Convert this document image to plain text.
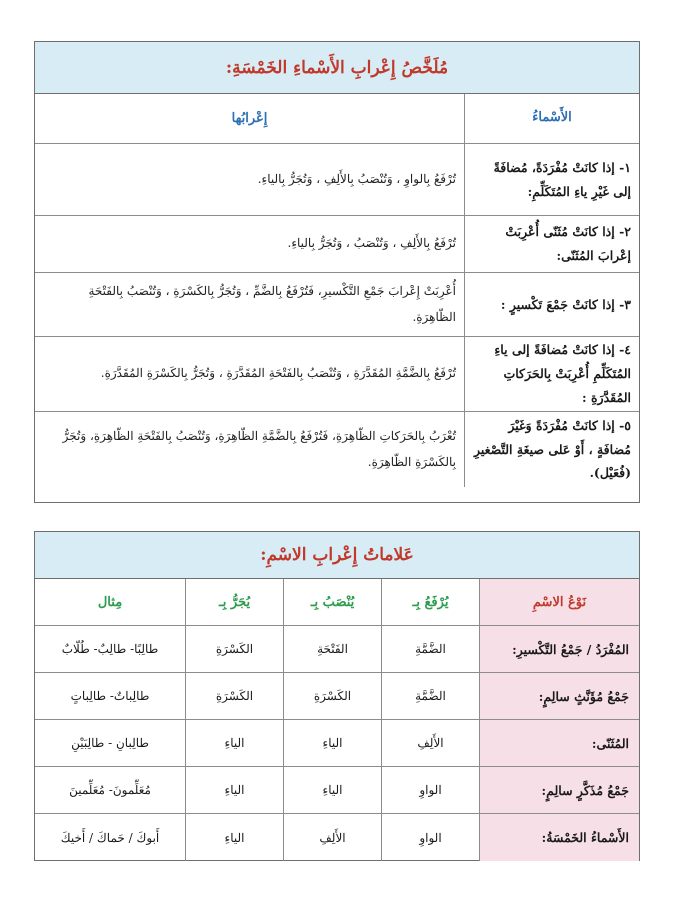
مُلَخَّصُ إِعْرابِ الأَسْماءِ الخَمْسَةِ:
الأَسْماءُ
إِعْرابُها
١- إذا كانَتْ مُفْرَدَةً، مُضافَةً إلى غَيْرِ ياءِ المُتَكَلِّمِ:
تُرْفَعُ بِالواوِ ، وَتُنْصَبُ بِالأَلِفِ ، وَتُجَرُّ بِالياءِ.
٢- إذا كانَتْ مُثَنّى أُعْرِبَتْ إعْرابَ المُثَنّى:
تُرْفَعُ بِالأَلِفِ ، وَتُنْصَبُ ، وَتُجَرُّ بِالياءِ.
٣- إذا كانَتْ جَمْعَ تَكْسيرٍ :
أُعْرِبَتْ إِعْرابَ جَمْعِ التَّكْسيرِ، فَتُرْفَعُ بِالضَّمِّ ، وَتُجَرُّ بِالكَسْرَةِ ، وَتُنْصَبُ بِالفَتْحَةِ الظّاهِرَةِ.
٤- إذا كانَتْ مُضافَةً إلى ياءِ المُتَكَلِّمِ أُعْرِبَتْ بِالحَرَكاتِ المُقَدَّرَةِ :
تُرْفَعُ بِالضَّمَّةِ المُقَدَّرَةِ ، وَتُنْصَبُ بِالفَتْحَةِ المُقَدَّرَةِ ، وَتُجَرُّ بِالكَسْرَةِ المُقَدَّرَةِ.
٥- إذا كانَتْ مُفْرَدَةً وَغَيْرَ مُضافَةٍ ، أَوْ عَلى صيغَةِ التَّصْغيرِ (فُعَيْل).
تُعْرَبُ بِالحَرَكاتِ الظّاهِرَةِ، فَتُرْفَعُ بِالضَّمَّةِ الظّاهِرَةِ، وَتُنْصَبُ بِالفَتْحَةِ الظّاهِرَةِ، وَتُجَرُّ بِالكَسْرَةِ الظّاهِرَةِ.
عَلاماتُ إِعْرابِ الاسْمِ:
نَوْعُ الاسْمِ
يُرْفَعُ بِـ
يُنْصَبُ بِـ
يُجَرُّ بِـ
مِثال
المُفْرَدُ / جَمْعُ التَّكْسيرِ:
الضَّمَّةِ
الفَتْحَةِ
الكَسْرَةِ
طالِبًا- طالِبٌ- طُلّابٌ
جَمْعُ مُؤَنَّثٍ سالِمٍ:
الضَّمَّةِ
الكَسْرَةِ
الكَسْرَةِ
طالِباتٌ- طالِباتٍ
المُثَنّى:
الأَلِفِ
الياءِ
الياءِ
طالِبانِ - طالِبَيْنِ
جَمْعُ مُذَكَّرٍ سالِمٍ:
الواوِ
الياءِ
الياءِ
مُعَلِّمونَ- مُعَلِّمينَ
الأَسْماءُ الخَمْسَةُ:
الواوِ
الأَلِفِ
الياءِ
أَبوكَ / حَماكَ / أَخيكَ
